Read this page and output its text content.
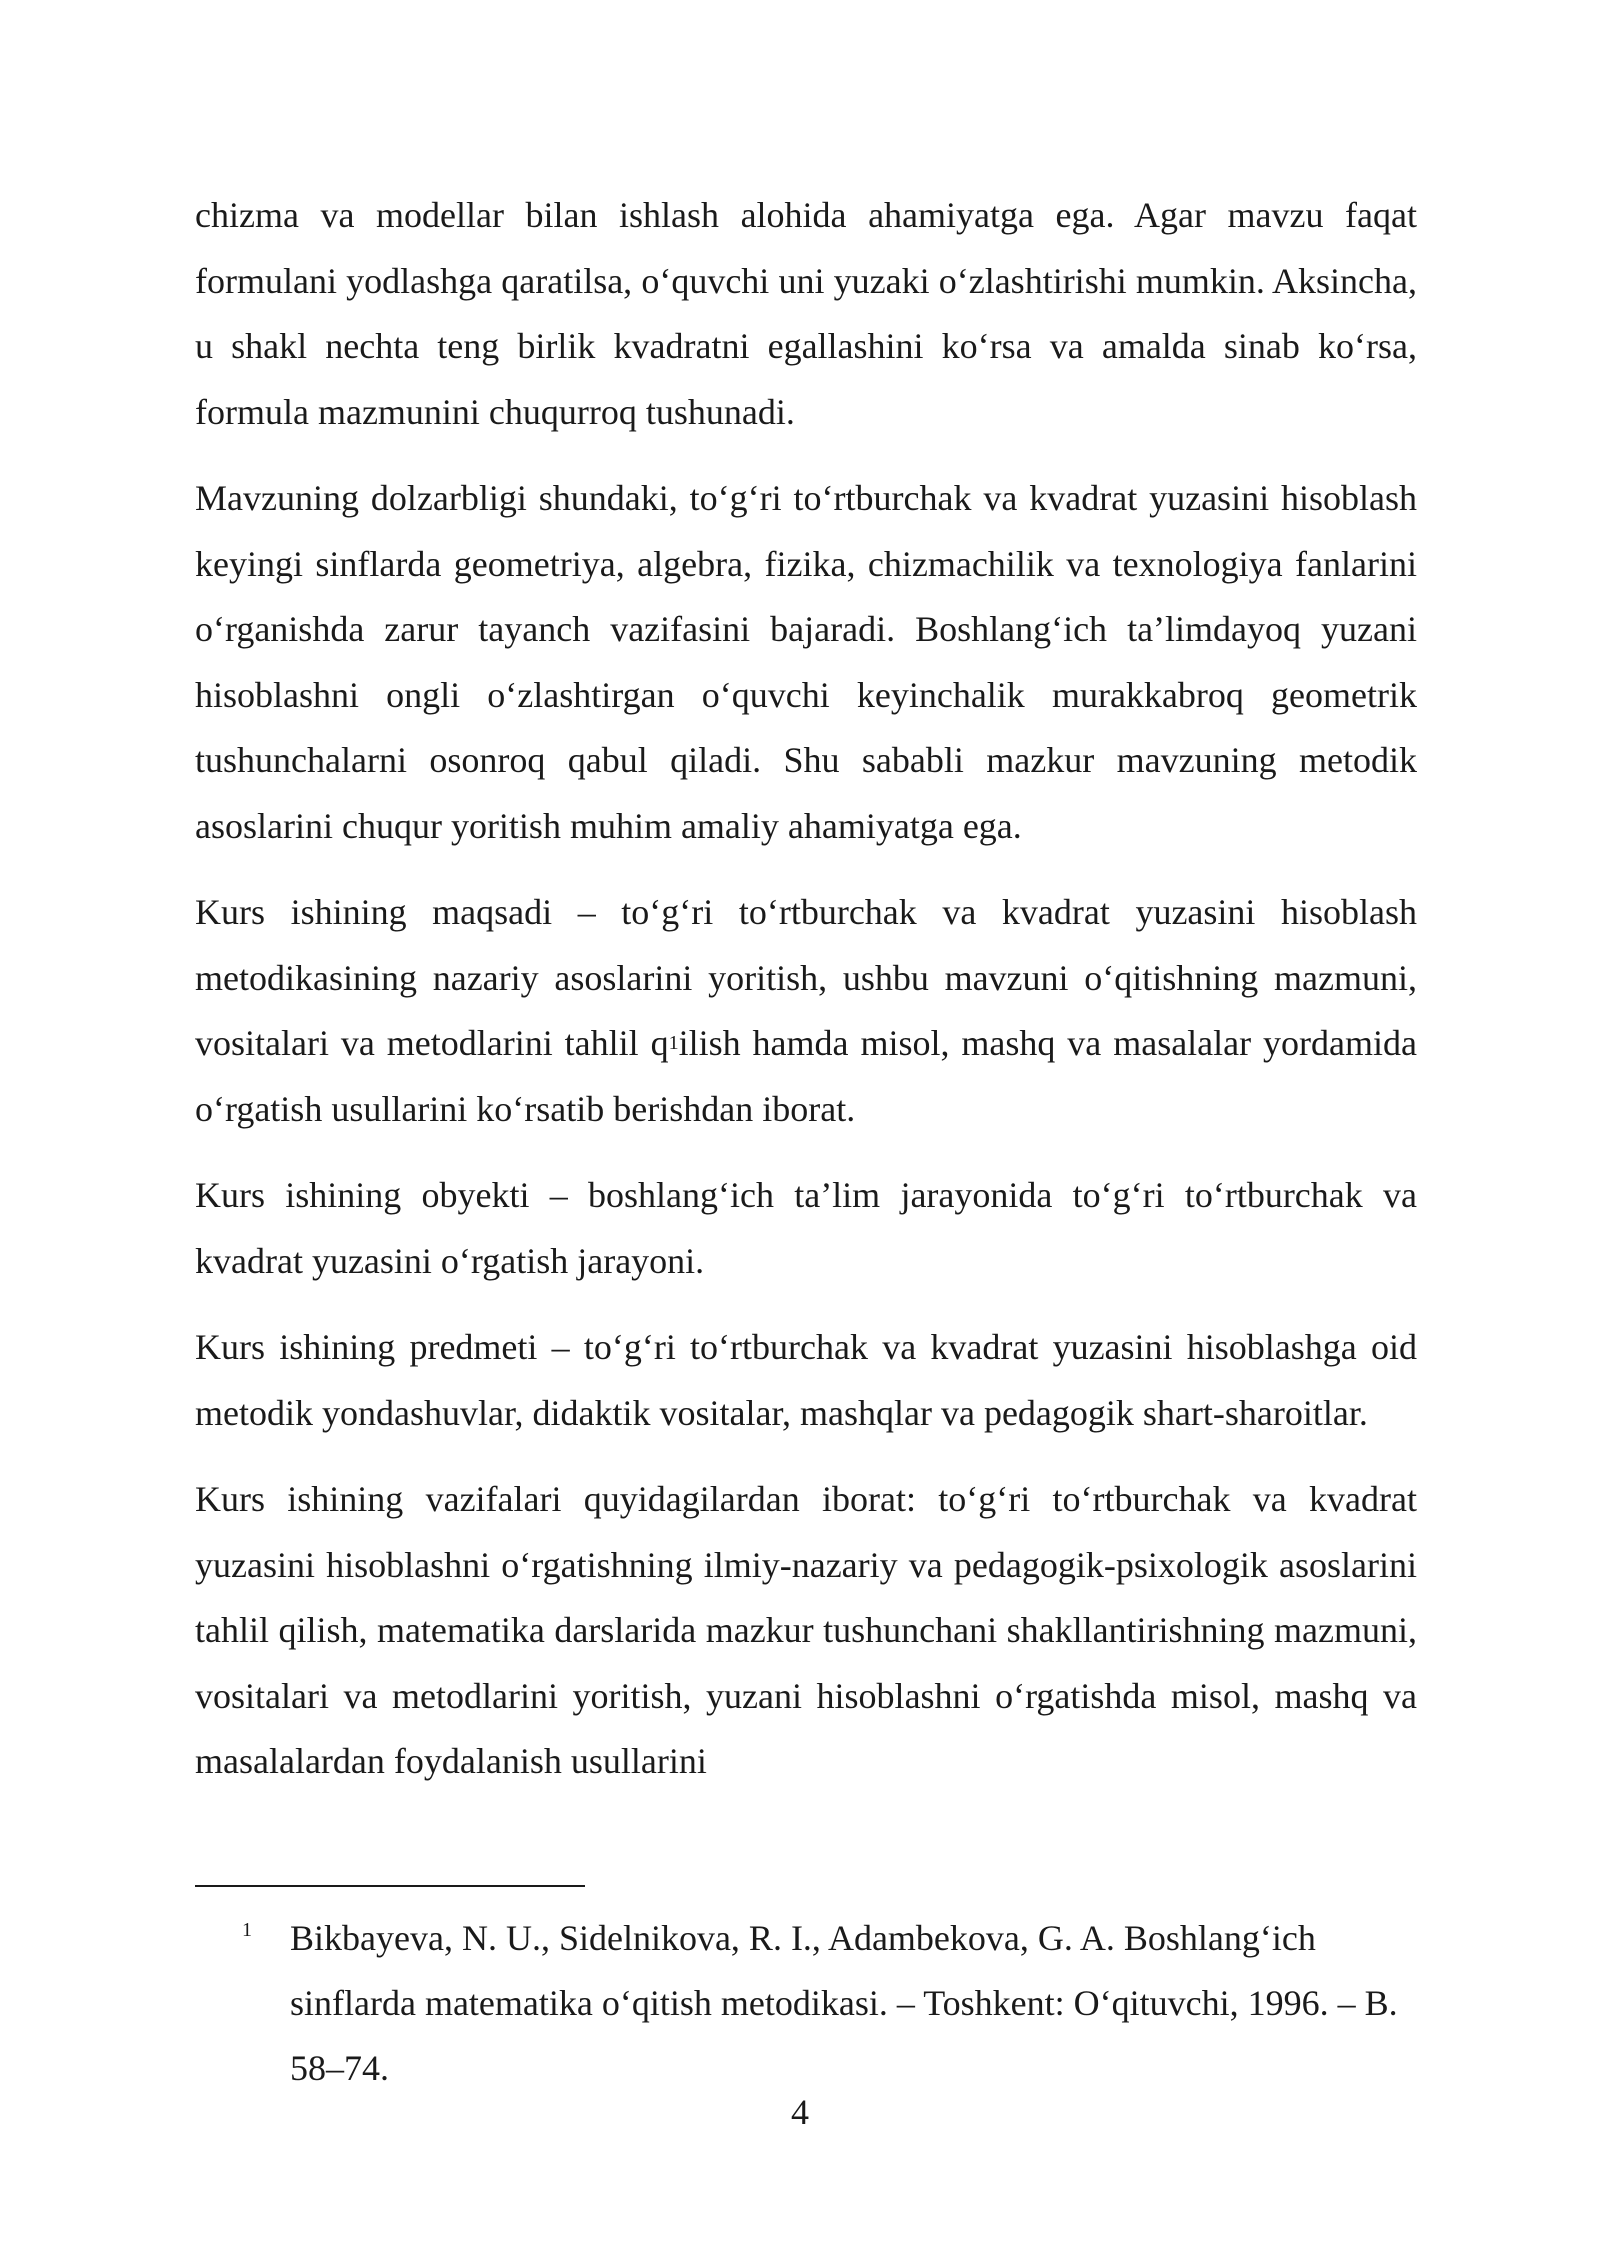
chizma va modellar bilan ishlash alohida ahamiyatga ega. Agar mavzu faqat formulani yodlashga qaratilsa, o‘quvchi uni yuzaki o‘zlashtirishi mumkin. Aksincha, u shakl nechta teng birlik kvadratni egallashini ko‘rsa va amalda sinab ko‘rsa, formula mazmunini chuqurroq tushunadi.

Mavzuning dolzarbligi shundaki, to‘g‘ri to‘rtburchak va kvadrat yuzasini hisoblash keyingi sinflarda geometriya, algebra, fizika, chizmachilik va texnologiya fanlarini o‘rganishda zarur tayanch vazifasini bajaradi. Boshlang‘ich ta’limdayoq yuzani hisoblashni ongli o‘zlashtirgan o‘quvchi keyinchalik murakkabroq geometrik tushunchalarni osonroq qabul qiladi. Shu sababli mazkur mavzuning metodik asoslarini chuqur yoritish muhim amaliy ahamiyatga ega.

Kurs ishining maqsadi – to‘g‘ri to‘rtburchak va kvadrat yuzasini hisoblash metodikasining nazariy asoslarini yoritish, ushbu mavzuni o‘qitishning mazmuni, vositalari va metodlarini tahlil $q^1ilish$ hamda misol, mashq va masalalar yordamida o‘rgatish usullarini ko‘rsatib berishdan iborat.

Kurs ishining obyekti – boshlang‘ich ta’lim jarayonida to‘g‘ri to‘rtburchak va kvadrat yuzasini o‘rgatish jarayoni.

Kurs ishining predmeti – to‘g‘ri to‘rtburchak va kvadrat yuzasini hisoblashga oid metodik yondashuvlar, didaktik vositalar, mashqlar va pedagogik shart-sharoitlar.

Kurs ishining vazifalari quyidagilardan iborat: to‘g‘ri to‘rtburchak va kvadrat yuzasini hisoblashni o‘rgatishning ilmiy-nazariy va pedagogik-psixologik asoslarini tahlil qilish, matematika darslarida mazkur tushunchani shakllantirishning mazmuni, vositalari va metodlarini yoritish, yuzani hisoblashni o‘rgatishda misol, mashq va masalalardan foydalanish usullarini

1 Bikbayeva, N. U., Sidelnikova, R. I., Adambekova, G. A. Boshlang‘ich sinflarda matematika o‘qitish metodikasi. – Toshkent: O‘qituvchi, 1996. – B. 58–74.
4
